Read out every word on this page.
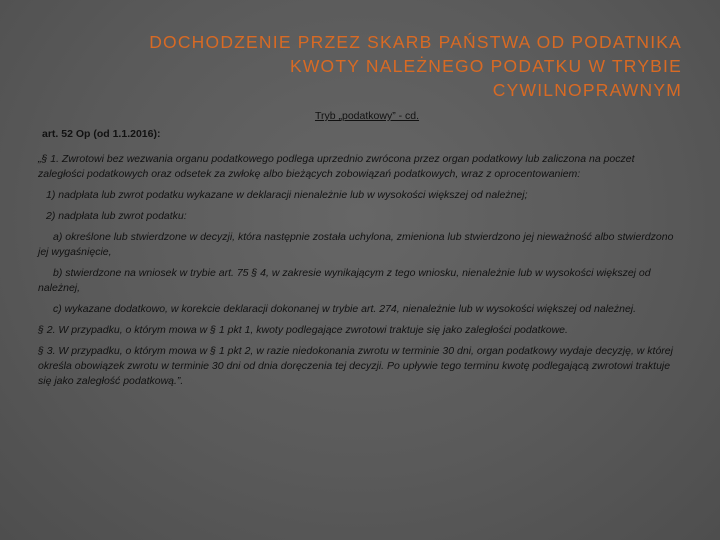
DOCHODZENIE PRZEZ SKARB PAŃSTWA OD PODATNIKA
KWOTY NALEŻNEGO PODATKU W TRYBIE
CYWILNOPRAWNYM
Tryb „podatkowy” - cd.

art. 52 Op (od 1.1.2016):

„§ 1. Zwrotowi bez wezwania organu podatkowego podlega uprzednio zwrócona przez organ podatkowy lub zaliczona na poczet zaległości podatkowych oraz odsetek za zwłokę albo bieżących zobowiązań podatkowych, wraz z oprocentowaniem:

1) nadpłata lub zwrot podatku wykazane w deklaracji nienależnie lub w wysokości większej od należnej;

2) nadpłata lub zwrot podatku:

a) określone lub stwierdzone w decyzji, która następnie została uchylona, zmieniona lub stwierdzono jej nieważność albo stwierdzono jej wygaśnięcie,

b) stwierdzone na wniosek w trybie art. 75 § 4, w zakresie wynikającym z tego wniosku, nienależnie lub w wysokości większej od należnej,

c) wykazane dodatkowo, w korekcie deklaracji dokonanej w trybie art. 274, nienależnie lub w wysokości większej od należnej.

§ 2. W przypadku, o którym mowa w § 1 pkt 1, kwoty podlegające zwrotowi traktuje się jako zaległości podatkowe.

§ 3. W przypadku, o którym mowa w § 1 pkt 2, w razie niedokonania zwrotu w terminie 30 dni, organ podatkowy wydaje decyzję, w której określa obowiązek zwrotu w terminie 30 dni od dnia doręczenia tej decyzji. Po upływie tego terminu kwotę podlegającą zwrotowi traktuje się jako zaległość podatkową.”.
